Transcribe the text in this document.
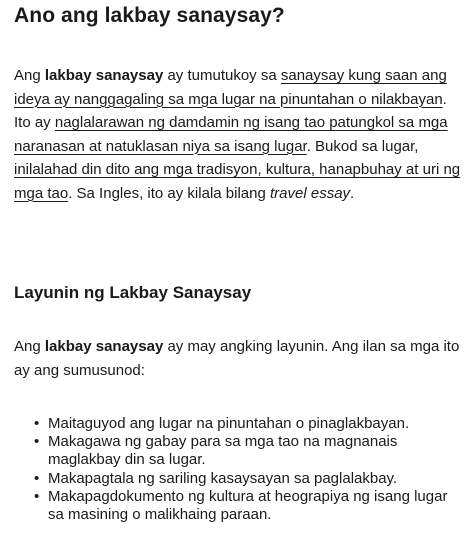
Ano ang lakbay sanaysay?

Ang lakbay sanaysay ay tumutukoy sa sanaysay kung saan ang ideya ay nanggagaling sa mga lugar na pinuntahan o nilakbayan. Ito ay naglalarawan ng damdamin ng isang tao patungkol sa mga naranasan at natuklasan niya sa isang lugar. Bukod sa lugar, inilalahad din dito ang mga tradisyon, kultura, hanapbuhay at uri ng mga tao. Sa Ingles, ito ay kilala bilang travel essay.

Layunin ng Lakbay Sanaysay

Ang lakbay sanaysay ay may angking layunin. Ang ilan sa mga ito ay ang sumusunod:

• Maitaguyod ang lugar na pinuntahan o pinaglakbayan.
• Makagawa ng gabay para sa mga tao na magnanais maglakbay din sa lugar.
• Makapagtala ng sariling kasaysayan sa paglalakbay.
• Makapagdokumento ng kultura at heograpiya ng isang lugar sa masining o malikhaing paraan.
